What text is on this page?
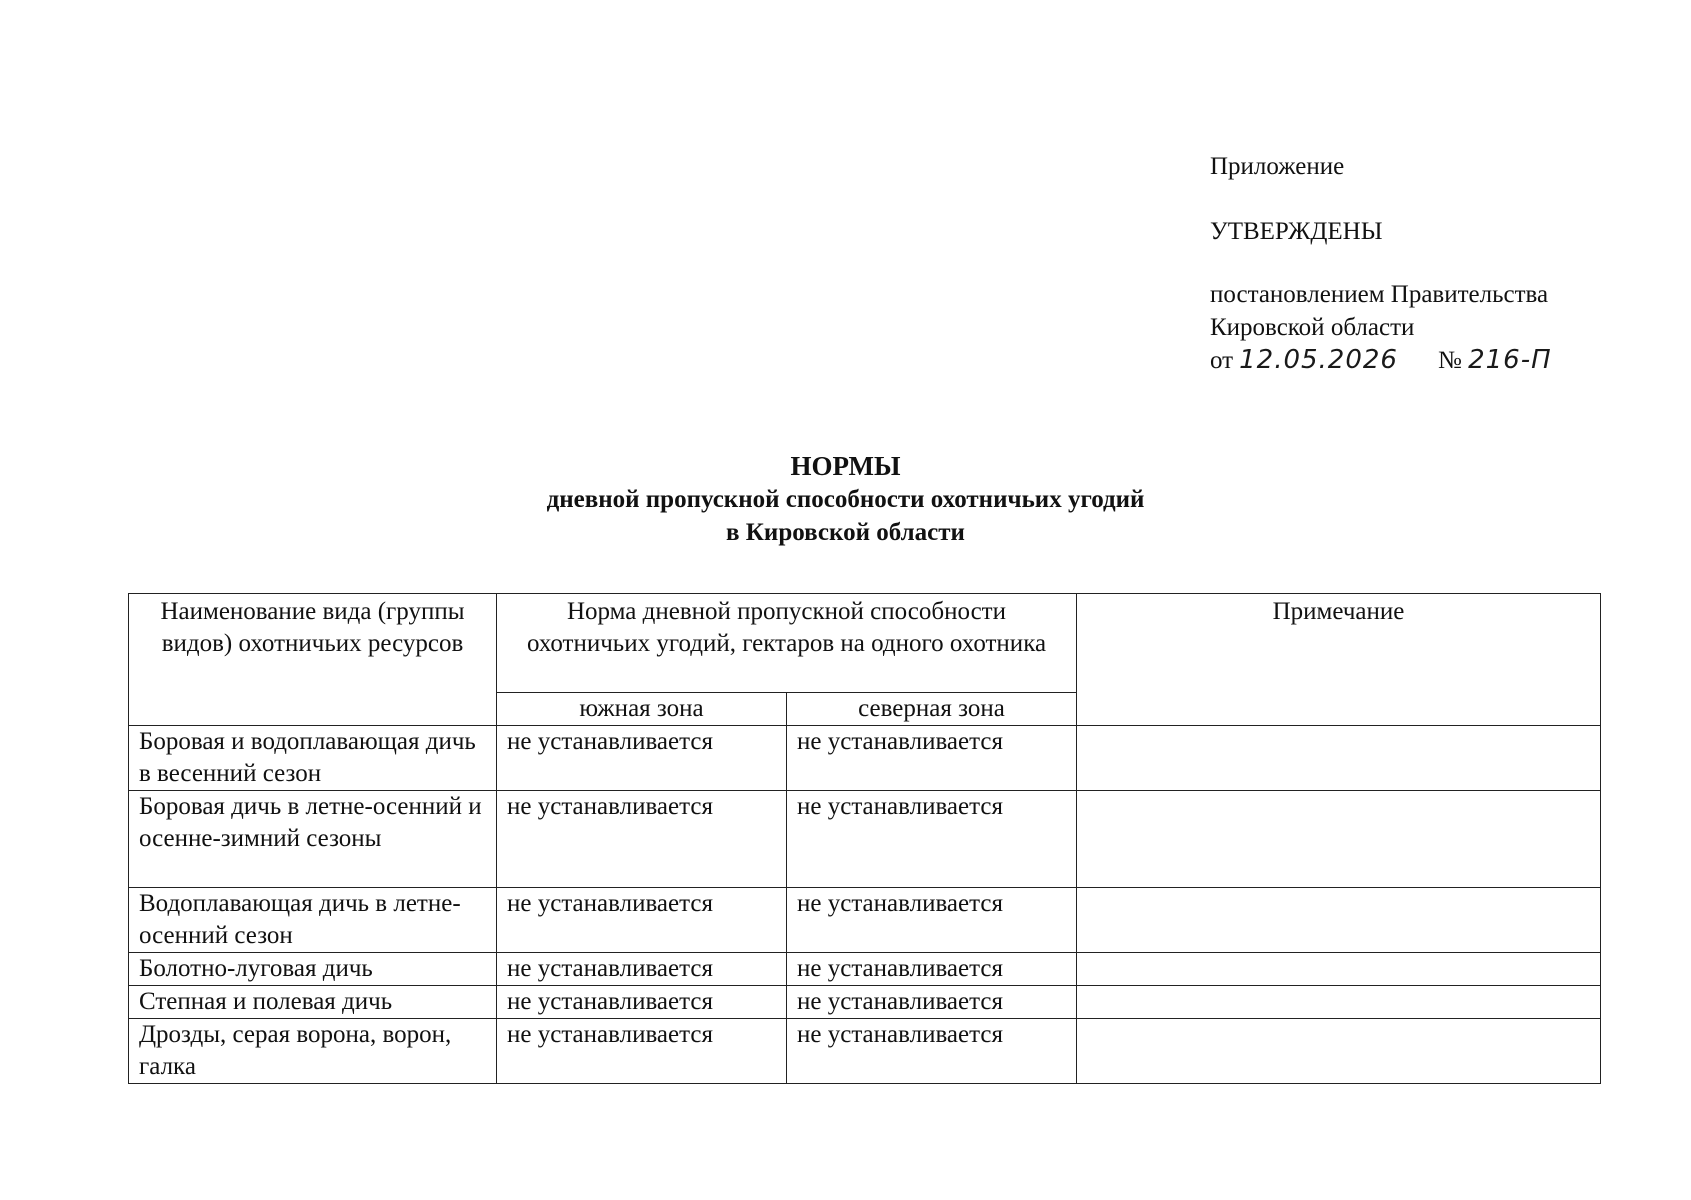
Приложение
УТВЕРЖДЕНЫ
постановлением Правительства
Кировской области
от 12.05.2026 № 216-П
НОРМЫ
дневной пропускной способности охотничьих угодий
в Кировской области
Наименование вида (группы видов) охотничьих ресурсов	Норма дневной пропускной способности охотничьих угодий, гектаров на одного охотника		Примечание
	южная зона	северная зона	
Боровая и водоплавающая дичь в весенний сезон	не устанавливается	не устанавливается	
Боровая дичь в летне-осенний и осенне-зимний сезоны	не устанавливается	не устанавливается	
Водоплавающая дичь в летне-осенний сезон	не устанавливается	не устанавливается	
Болотно-луговая дичь	не устанавливается	не устанавливается	
Степная и полевая дичь	не устанавливается	не устанавливается	
Дрозды, серая ворона, ворон, галка	не устанавливается	не устанавливается	
